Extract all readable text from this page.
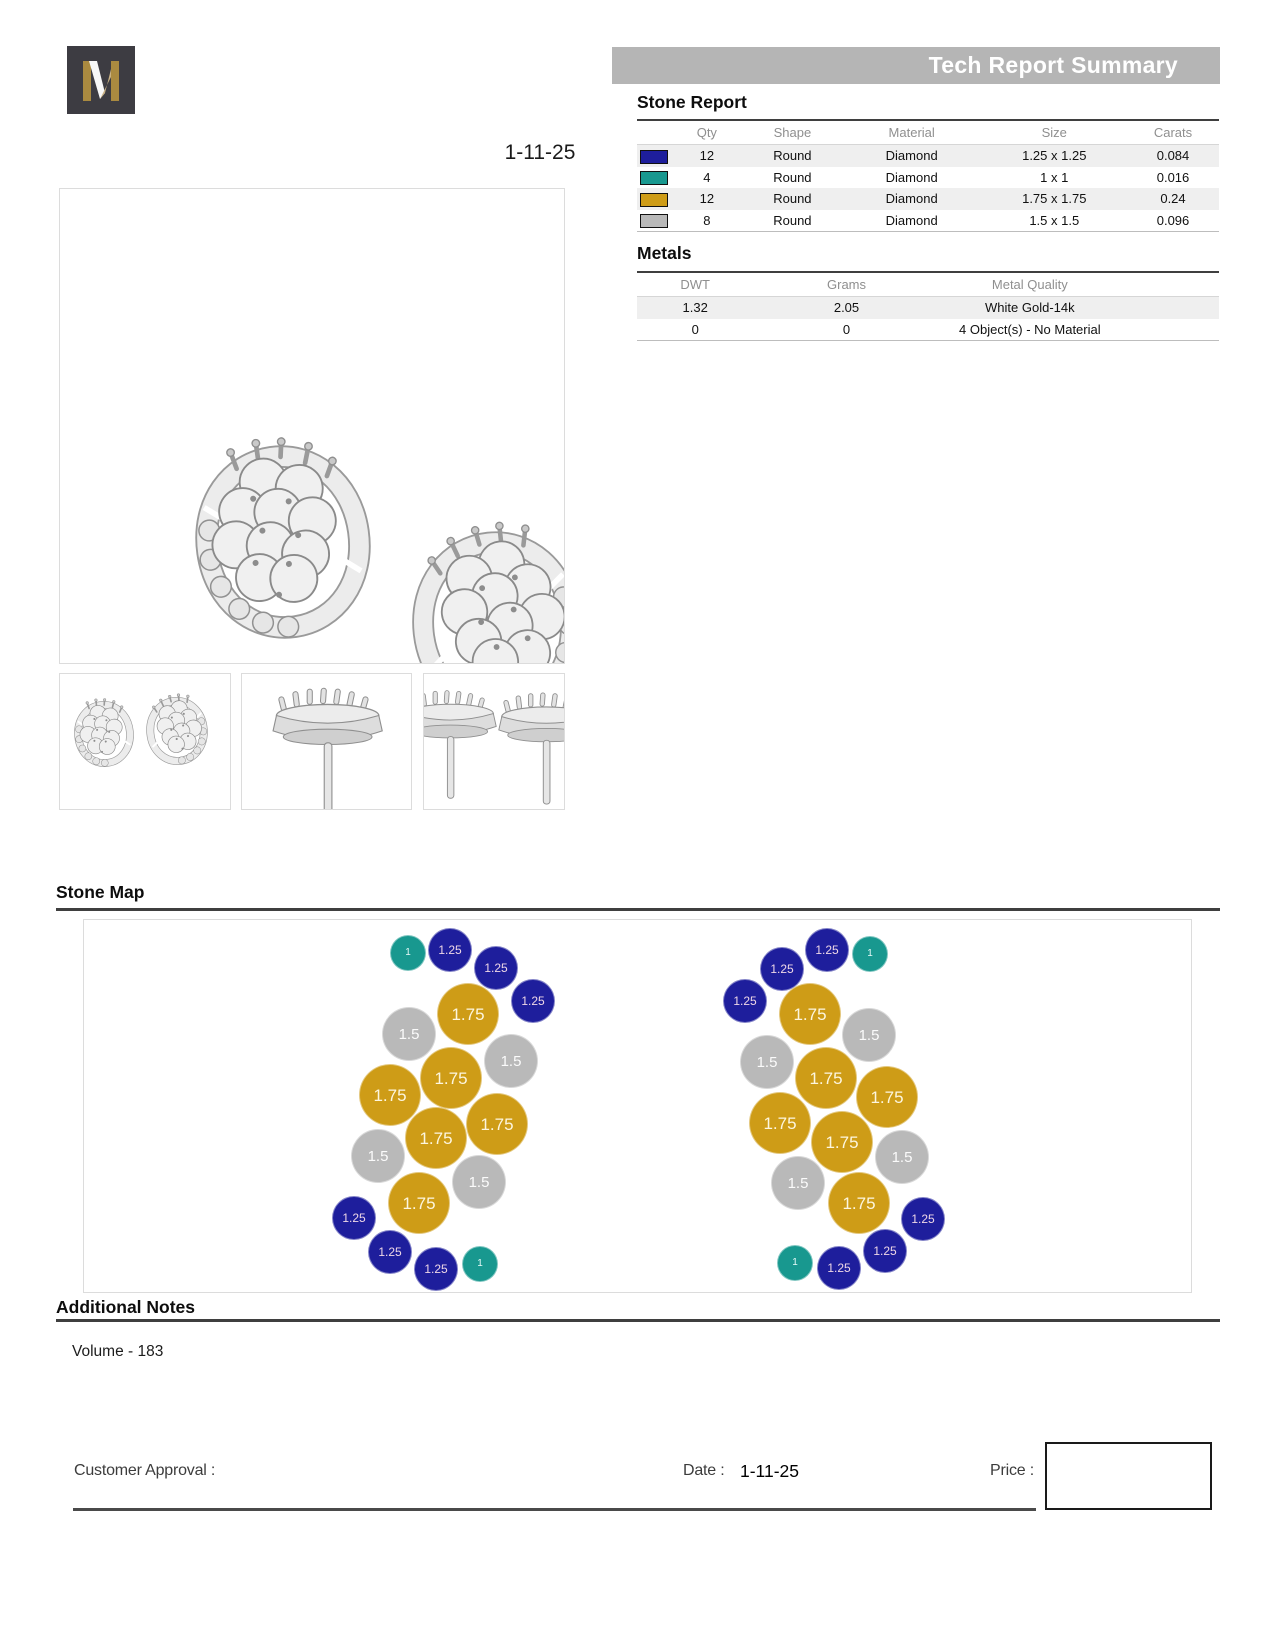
Tech Report Summary
Stone Report
	Qty	Shape	Material	Size	Carats
	12	Round	Diamond	1.25 x 1.25	0.084
	4	Round	Diamond	1 x 1	0.016
	12	Round	Diamond	1.75 x 1.75	0.24
	8	Round	Diamond	1.5 x 1.5	0.096
Metals
DWT	Grams	Metal Quality	
1.32	2.05	White Gold-14k	
0	0	4 Object(s) - No Material	
1-11-25
Stone Map
1	1.25
1.25
1.25
1.75
1.5
1.5
1.75
1.75
1.75
1.75
1.5
1.5
1.75
1.25
1.25
1.25	1
1.25	1
1.25
1.25
1.75
1.5
1.5
1.75
1.75
1.75
1.75
1.5
1.5
1.75
1.25
1.25
1.25
1
Additional Notes
Volume - 183
Customer Approval :	Date : 1-11-25	Price :
